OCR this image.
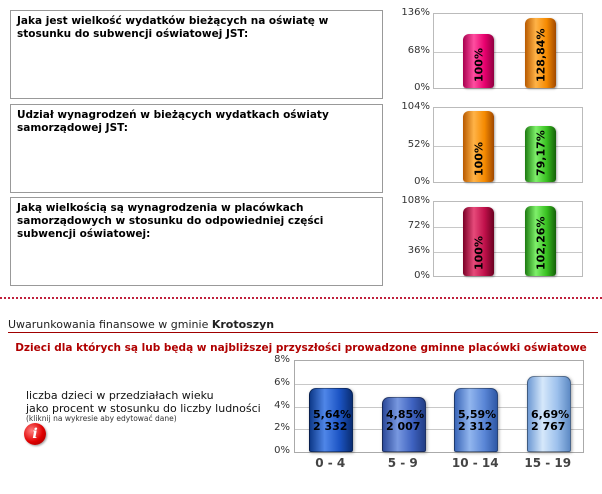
Jaka jest wielkość wydatków bieżących na oświatę w stosunku do subwencji oświatowej JST:
100%	128,84%
136%
68%
0%
Udział wynagrodzeń w bieżących wydatkach oświaty samorządowej JST:
100%	79,17%
104%
52%
0%
Jaką wielkością są wynagrodzenia w placówkach samorządowych w stosunku do odpowiedniej części subwencji oświatowej:
100%	102,26%
108%
72%
36%
0%
Uwarunkowania finansowe w gminie Krotoszyn
Dzieci dla których są lub będą w najbliższej przyszłości prowadzone gminne placówki oświatowe
liczba dzieci w przedziałach wieku
jako procent w stosunku do liczby ludności
(kliknij na wykresie aby edytować dane)
i
5,64%
2 332
4,85%
2 007
5,59%
2 312
6,69%
2 767
8%
6%
4%
2%
0%
0 - 4	5 - 9	10 - 14	15 - 19
